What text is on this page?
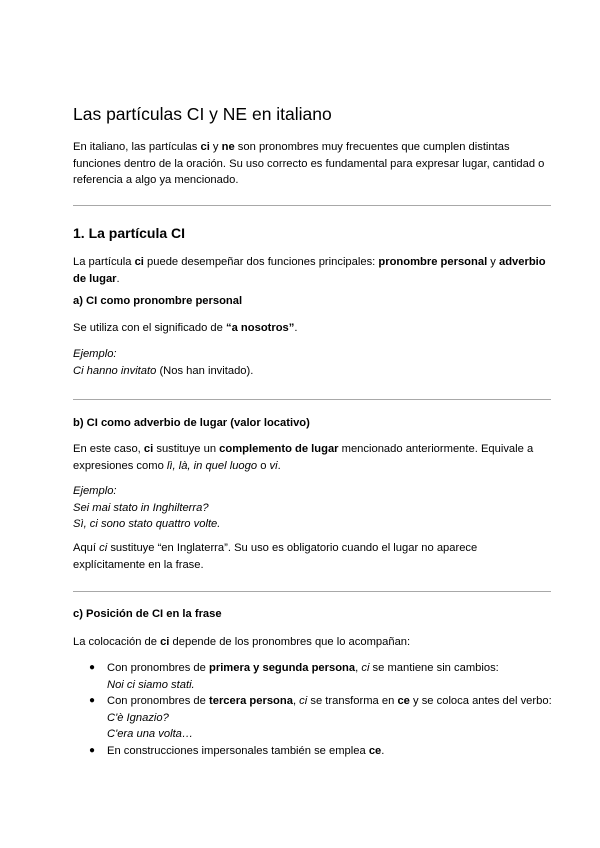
Las partículas CI y NE en italiano
En italiano, las partículas ci y ne son pronombres muy frecuentes que cumplen distintas funciones dentro de la oración. Su uso correcto es fundamental para expresar lugar, cantidad o referencia a algo ya mencionado.
1. La partícula CI
La partícula ci puede desempeñar dos funciones principales: pronombre personal y adverbio de lugar.
a) CI como pronombre personal
Se utiliza con el significado de “a nosotros”.
Ejemplo:
Ci hanno invitato (Nos han invitado).
b) CI como adverbio de lugar (valor locativo)
En este caso, ci sustituye un complemento de lugar mencionado anteriormente. Equivale a expresiones como lì, là, in quel luogo o vi.
Ejemplo:
Sei mai stato in Inghilterra?
Sì, ci sono stato quattro volte.
Aquí ci sustituye “en Inglaterra”. Su uso es obligatorio cuando el lugar no aparece explícitamente en la frase.
c) Posición de CI en la frase
La colocación de ci depende de los pronombres que lo acompañan:
● Con pronombres de primera y segunda persona, ci se mantiene sin cambios:
Noi ci siamo stati.
● Con pronombres de tercera persona, ci se transforma en ce y se coloca antes del verbo:
C'è Ignazio?
C'era una volta…
● En construcciones impersonales también se emplea ce.
